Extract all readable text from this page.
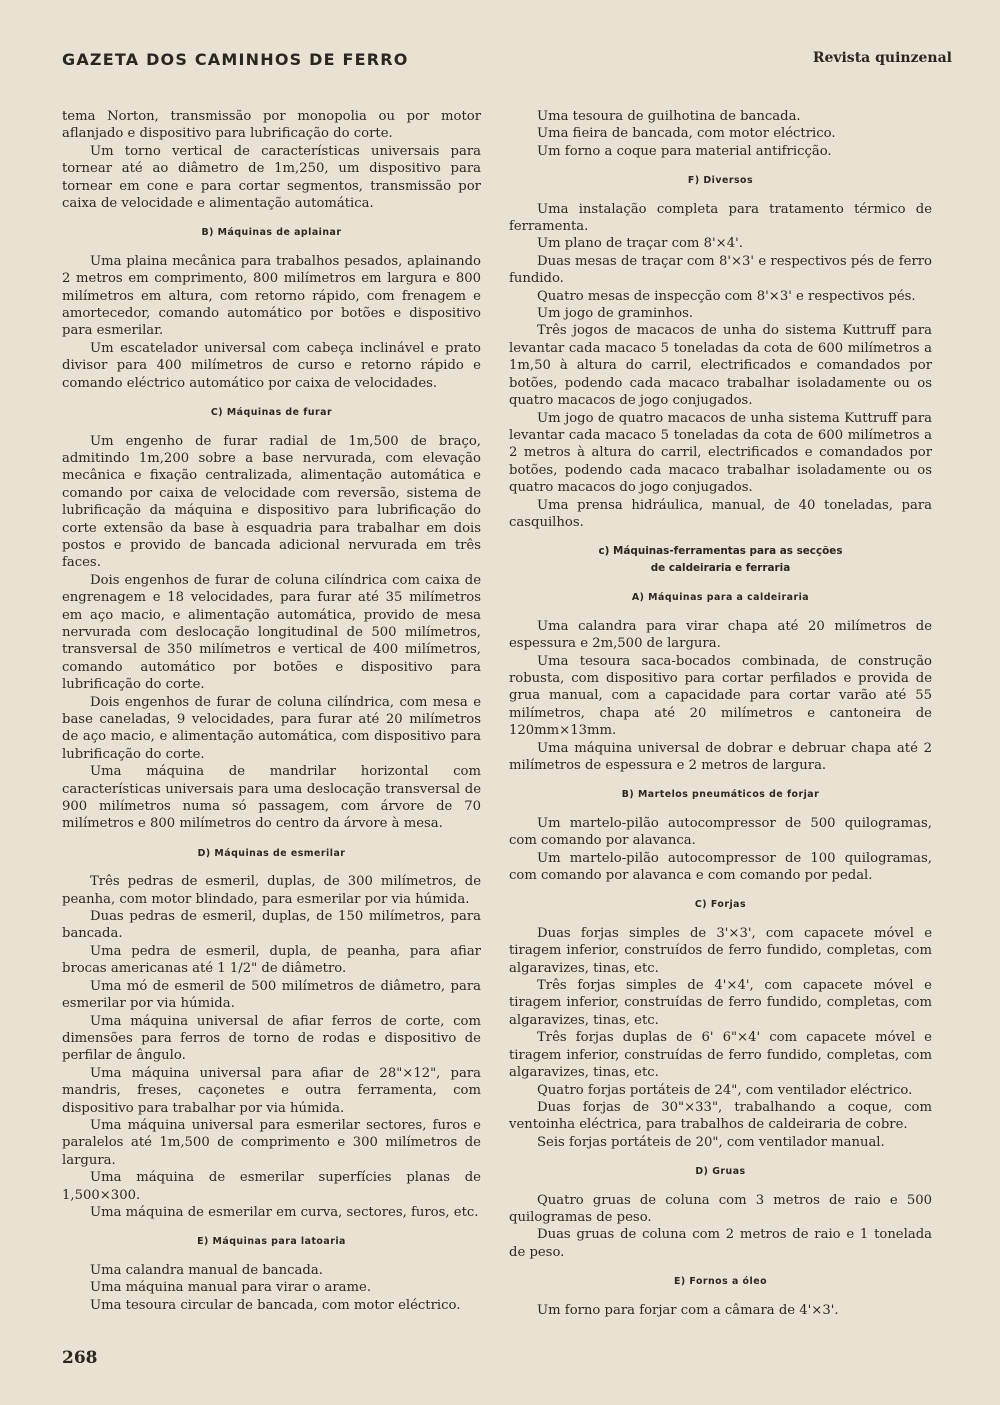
GAZETA DOS CAMINHOS DE FERRO	Revista quinzenal

tema Norton, transmissão por monopolia ou por motor aflanjado e dispositivo para lubrificação do corte.

Um torno vertical de características universais para tornear até ao diâmetro de 1m,250, um dispositivo para tornear em cone e para cortar segmentos, transmissão por caixa de velocidade e alimentação automática.

B) Máquinas de aplainar

Uma plaina mecânica para trabalhos pesados, aplainando 2 metros em comprimento, 800 milímetros em largura e 800 milímetros em altura, com retorno rápido, com frenagem e amortecedor, comando automático por botões e dispositivo para esmerilar.

Um escatelador universal com cabeça inclinável e prato divisor para 400 milímetros de curso e retorno rápido e comando eléctrico automático por caixa de velocidades.

C) Máquinas de furar

Um engenho de furar radial de 1m,500 de braço, admitindo 1m,200 sobre a base nervurada, com elevação mecânica e fixação centralizada, alimentação automática e comando por caixa de velocidade com reversão, sistema de lubrificação da máquina e dispositivo para lubrificação do corte extensão da base à esquadria para trabalhar em dois postos e provido de bancada adicional nervurada em três faces.

Dois engenhos de furar de coluna cilíndrica com caixa de engrenagem e 18 velocidades, para furar até 35 milímetros em aço macio, e alimentação automática, provido de mesa nervurada com deslocação longitudinal de 500 milímetros, transversal de 350 milímetros e vertical de 400 milímetros, comando automático por botões e dispositivo para lubrificação do corte.

Dois engenhos de furar de coluna cilíndrica, com mesa e base caneladas, 9 velocidades, para furar até 20 milímetros de aço macio, e alimentação automática, com dispositivo para lubrificação do corte.

Uma máquina de mandrilar horizontal com características universais para uma deslocação transversal de 900 milímetros numa só passagem, com árvore de 70 milímetros e 800 milímetros do centro da árvore à mesa.

D) Máquinas de esmerilar

Três pedras de esmeril, duplas, de 300 milímetros, de peanha, com motor blindado, para esmerilar por via húmida.

Duas pedras de esmeril, duplas, de 150 milímetros, para bancada.

Uma pedra de esmeril, dupla, de peanha, para afiar brocas americanas até 1 1/2" de diâmetro.

Uma mó de esmeril de 500 milímetros de diâmetro, para esmerilar por via húmida.

Uma máquina universal de afiar ferros de corte, com dimensões para ferros de torno de rodas e dispositivo de perfilar de ângulo.

Uma máquina universal para afiar de 28"×12", para mandris, freses, caçonetes e outra ferramenta, com dispositivo para trabalhar por via húmida.

Uma máquina universal para esmerilar sectores, furos e paralelos até 1m,500 de comprimento e 300 milímetros de largura.

Uma máquina de esmerilar superfícies planas de 1,500×300.

Uma máquina de esmerilar em curva, sectores, furos, etc.

E) Máquinas para latoaria

Uma calandra manual de bancada.

Uma máquina manual para virar o arame.

Uma tesoura circular de bancada, com motor eléctrico.

Uma tesoura de guilhotina de bancada.

Uma fieira de bancada, com motor eléctrico.

Um forno a coque para material antifricção.

F) Diversos

Uma instalação completa para tratamento térmico de ferramenta.

Um plano de traçar com 8'×4'.

Duas mesas de traçar com 8'×3' e respectivos pés de ferro fundido.

Quatro mesas de inspecção com 8'×3' e respectivos pés.

Um jogo de graminhos.

Três jogos de macacos de unha do sistema Kuttruff para levantar cada macaco 5 toneladas da cota de 600 milímetros a 1m,50 à altura do carril, electrificados e comandados por botões, podendo cada macaco trabalhar isoladamente ou os quatro macacos de jogo conjugados.

Um jogo de quatro macacos de unha sistema Kuttruff para levantar cada macaco 5 toneladas da cota de 600 milímetros a 2 metros à altura do carril, electrificados e comandados por botões, podendo cada macaco trabalhar isoladamente ou os quatro macacos do jogo conjugados.

Uma prensa hidráulica, manual, de 40 toneladas, para casquilhos.

c) Máquinas-ferramentas para as secções
de caldeiraria e ferraria
A) Máquinas para a caldeiraria

Uma calandra para virar chapa até 20 milímetros de espessura e 2m,500 de largura.

Uma tesoura saca-bocados combinada, de construção robusta, com dispositivo para cortar perfilados e provida de grua manual, com a capacidade para cortar varão até 55 milímetros, chapa até 20 milímetros e cantoneira de 120mm×13mm.

Uma máquina universal de dobrar e debruar chapa até 2 milímetros de espessura e 2 metros de largura.

B) Martelos pneumáticos de forjar

Um martelo-pilão autocompressor de 500 quilogramas, com comando por alavanca.

Um martelo-pilão autocompressor de 100 quilogramas, com comando por alavanca e com comando por pedal.

C) Forjas

Duas forjas simples de 3'×3', com capacete móvel e tiragem inferior, construídos de ferro fundido, completas, com algaravizes, tinas, etc.

Três forjas simples de 4'×4', com capacete móvel e tiragem inferior, construídas de ferro fundido, completas, com algaravizes, tinas, etc.

Três forjas duplas de 6' 6"×4' com capacete móvel e tiragem inferior, construídas de ferro fundido, completas, com algaravizes, tinas, etc.

Quatro forjas portáteis de 24", com ventilador eléctrico.

Duas forjas de 30"×33", trabalhando a coque, com ventoinha eléctrica, para trabalhos de caldeiraria de cobre.

Seis forjas portáteis de 20", com ventilador manual.

D) Gruas

Quatro gruas de coluna com 3 metros de raio e 500 quilogramas de peso.

Duas gruas de coluna com 2 metros de raio e 1 tonelada de peso.

E) Fornos a óleo

Um forno para forjar com a câmara de 4'×3'.

268
